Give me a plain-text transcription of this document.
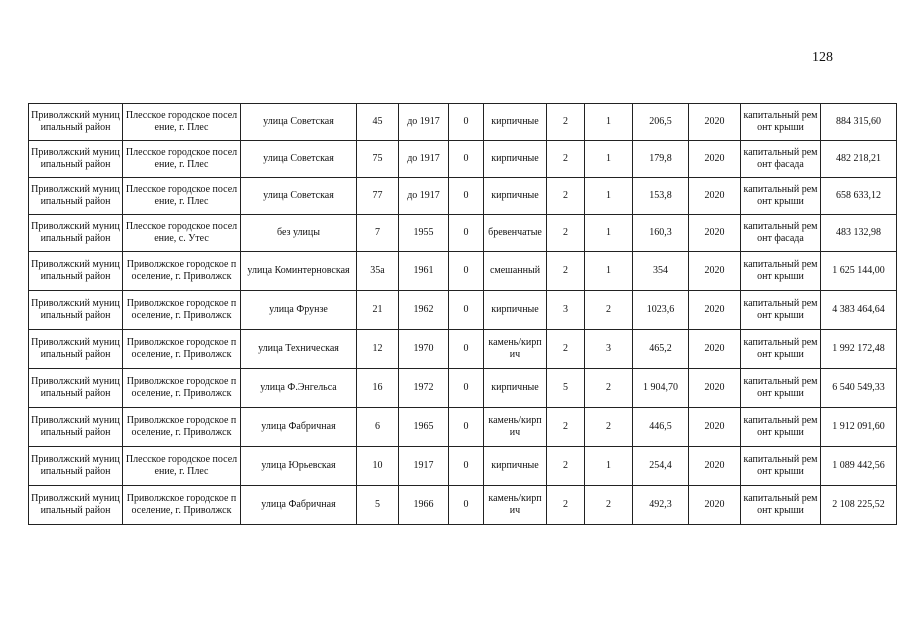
128
Приволжский муниципальный район	Плесское городское поселение, г. Плес	улица Советская	45	до 1917	0	кирпичные	2	1	206,5	2020	капитальный ремонт крыши	884 315,60
Приволжский муниципальный район	Плесское городское поселение, г. Плес	улица Советская	75	до 1917	0	кирпичные	2	1	179,8	2020	капитальный ремонт фасада	482 218,21
Приволжский муниципальный район	Плесское городское поселение, г. Плес	улица Советская	77	до 1917	0	кирпичные	2	1	153,8	2020	капитальный ремонт крыши	658 633,12
Приволжский муниципальный район	Плесское городское поселение, с. Утес	без улицы	7	1955	0	бревенчатые	2	1	160,3	2020	капитальный ремонт фасада	483 132,98
Приволжский муниципальный район	Приволжское городское поселение, г. Приволжск	улица Коминтерновская	35а	1961	0	смешанный	2	1	354	2020	капитальный ремонт крыши	1 625 144,00
Приволжский муниципальный район	Приволжское городское поселение, г. Приволжск	улица Фрунзе	21	1962	0	кирпичные	3	2	1023,6	2020	капитальный ремонт крыши	4 383 464,64
Приволжский муниципальный район	Приволжское городское поселение, г. Приволжск	улица Техническая	12	1970	0	камень/кирпич	2	3	465,2	2020	капитальный ремонт крыши	1 992 172,48
Приволжский муниципальный район	Приволжское городское поселение, г. Приволжск	улица Ф.Энгельса	16	1972	0	кирпичные	5	2	1 904,70	2020	капитальный ремонт крыши	6 540 549,33
Приволжский муниципальный район	Приволжское городское поселение, г. Приволжск	улица Фабричная	6	1965	0	камень/кирпич	2	2	446,5	2020	капитальный ремонт крыши	1 912 091,60
Приволжский муниципальный район	Плесское городское поселение, г. Плес	улица Юрьевская	10	1917	0	кирпичные	2	1	254,4	2020	капитальный ремонт крыши	1 089 442,56
Приволжский муниципальный район	Приволжское городское поселение, г. Приволжск	улица Фабричная	5	1966	0	камень/кирпич	2	2	492,3	2020	капитальный ремонт крыши	2 108 225,52
